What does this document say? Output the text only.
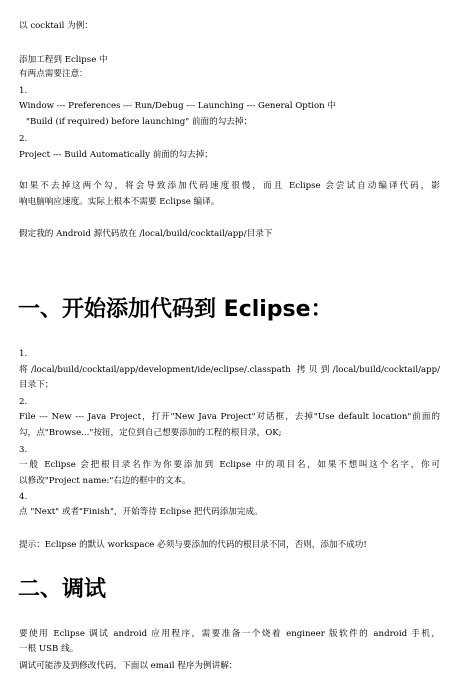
以 cocktail 为例：
添加工程到 Eclipse 中
有两点需要注意：
1.
Window --- Preferences --- Run/Debug --- Launching --- General Option 中
"Build (if required) before launching" 前面的勾去掉；
2.
Project --- Build Automatically 前面的勾去掉；
如果不去掉这两个勾，将会导致添加代码速度很慢，而且 Eclipse 会尝试自动编译代码，影
响电脑响应速度。实际上根本不需要 Eclipse 编译。
假定我的 Android 源代码放在 /local/build/cocktail/app/目录下
一、开始添加代码到 Eclipse：
1.
将/local/build/cocktail/app/development/ide/eclipse/.classpath 拷贝到/local/build/cocktail/app/
目录下；
2.
File --- New --- Java Project，打开"New Java Project"对话框，去掉"Use default location"前面的
勾，点"Browse..."按钮，定位到自己想要添加的工程的根目录，OK;
3.
一般 Eclipse 会把根目录名作为你要添加到 Eclipse 中的项目名，如果不想叫这个名字，你可
以修改"Project name:"右边的框中的文本。
4.
点 "Next" 或者"Finish"，开始等待 Eclipse 把代码添加完成。
提示：Eclipse 的默认 workspace 必须与要添加的代码的根目录不同，否则，添加不成功!
二、调试
要使用 Eclipse 调试 android 应用程序，需要准备一个烧着 engineer 版软件的 android 手机，
一根 USB 线。
调试可能涉及到修改代码，下面以 email 程序为例讲解：
